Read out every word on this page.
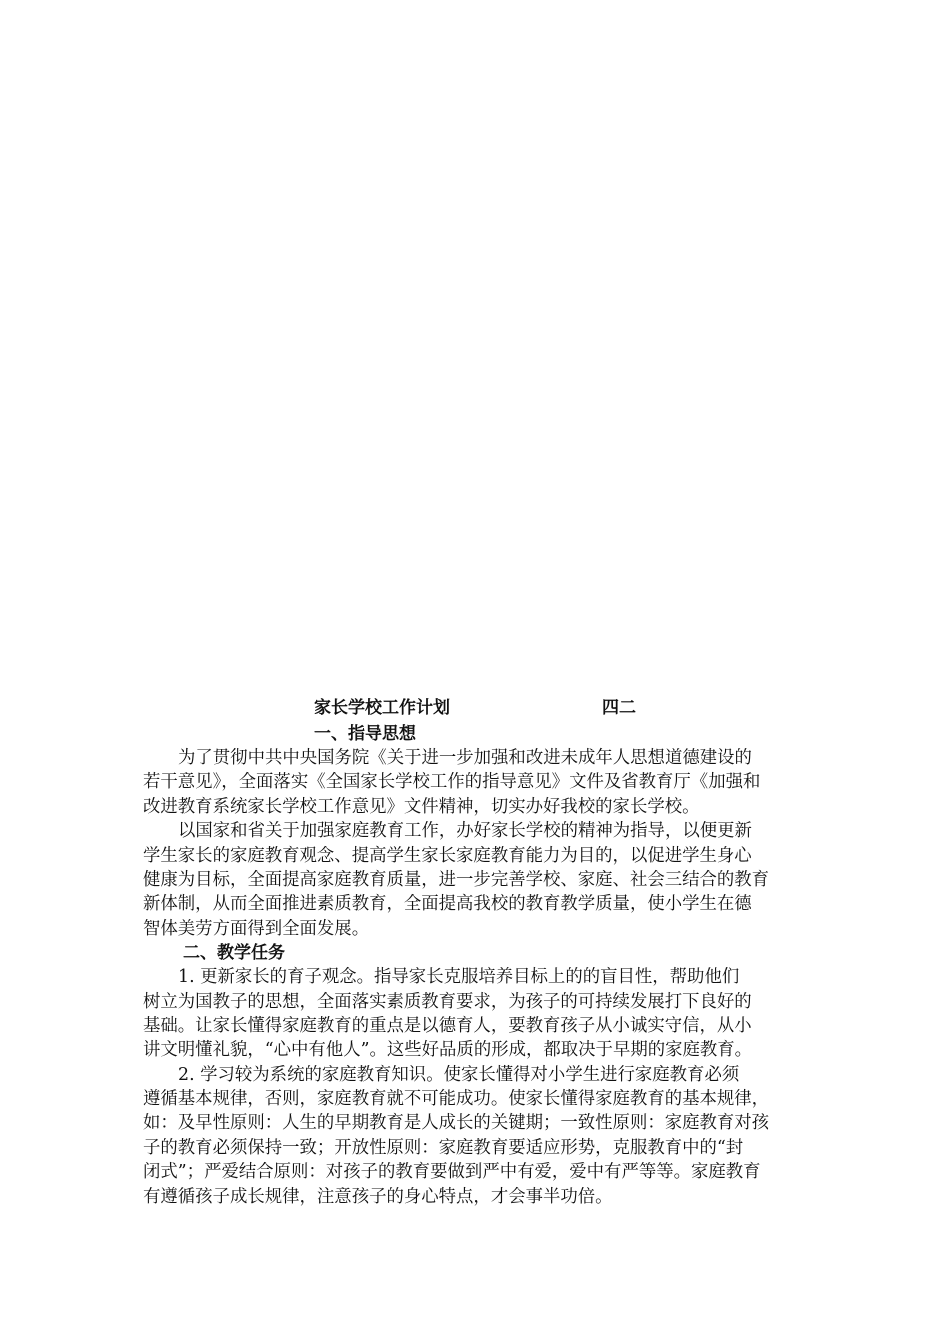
家长学校工作计划	四二
一、指导思想
为了贯彻中共中央国务院《关于进一步加强和改进未成年人思想道德建设的
若干意见》，全面落实《全国家长学校工作的指导意见》文件及省教育厅《加强和
改进教育系统家长学校工作意见》文件精神，切实办好我校的家长学校。
以国家和省关于加强家庭教育工作，办好家长学校的精神为指导，以便更新
学生家长的家庭教育观念、提高学生家长家庭教育能力为目的，以促进学生身心
健康为目标，全面提高家庭教育质量，进一步完善学校、家庭、社会三结合的教育
新体制，从而全面推进素质教育，全面提高我校的教育教学质量，使小学生在德
智体美劳方面得到全面发展。
二、教学任务
1. 更新家长的育子观念。指导家长克服培养目标上的的盲目性，帮助他们
树立为国教子的思想，全面落实素质教育要求，为孩子的可持续发展打下良好的
基础。让家长懂得家庭教育的重点是以德育人，要教育孩子从小诚实守信，从小
讲文明懂礼貌，“心中有他人”。这些好品质的形成，都取决于早期的家庭教育。
2. 学习较为系统的家庭教育知识。使家长懂得对小学生进行家庭教育必须
遵循基本规律，否则，家庭教育就不可能成功。使家长懂得家庭教育的基本规律，
如：及早性原则：人生的早期教育是人成长的关键期；一致性原则：家庭教育对孩
子的教育必须保持一致；开放性原则：家庭教育要适应形势，克服教育中的“封
闭式”；严爱结合原则：对孩子的教育要做到严中有爱，爱中有严等等。家庭教育
有遵循孩子成长规律，注意孩子的身心特点，才会事半功倍。
